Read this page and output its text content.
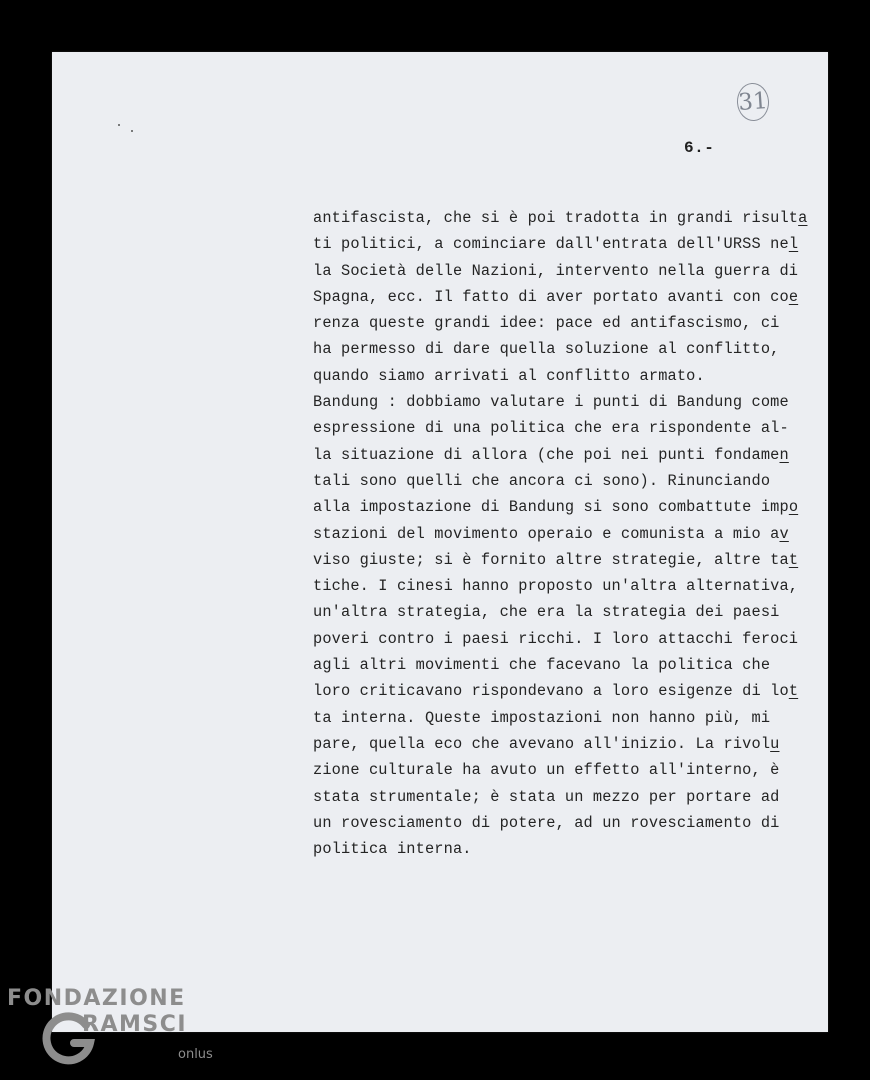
31
6.-
antifascista, che si è poi tradotta in grandi risulta
ti politici, a cominciare dall'entrata dell'URSS nel
la Società delle Nazioni, intervento nella guerra di
Spagna, ecc. Il fatto di aver portato avanti con coe
renza queste grandi idee: pace ed antifascismo, ci
ha permesso di dare quella soluzione al conflitto,
quando siamo arrivati al conflitto armato.
Bandung : dobbiamo valutare i punti di Bandung come
espressione di una politica che era rispondente al-
la situazione di allora (che poi nei punti fondamen
tali sono quelli che ancora ci sono). Rinunciando
alla impostazione di Bandung si sono combattute impo
stazioni del movimento operaio e comunista a mio av
viso giuste; si è fornito altre strategie, altre tat
tiche. I cinesi hanno proposto un'altra alternativa,
un'altra strategia, che era la strategia dei paesi
poveri contro i paesi ricchi. I loro attacchi feroci
agli altri movimenti che facevano la politica che
loro criticavano rispondevano a loro esigenze di lot
ta interna. Queste impostazioni non hanno più, mi
pare, quella eco che avevano all'inizio. La rivolu
zione culturale ha avuto un effetto all'interno, è
stata strumentale; è stata un mezzo per portare ad
un rovesciamento di potere, ad un rovesciamento di
politica interna.
FONDAZIONE
RAMSCI
onlus
